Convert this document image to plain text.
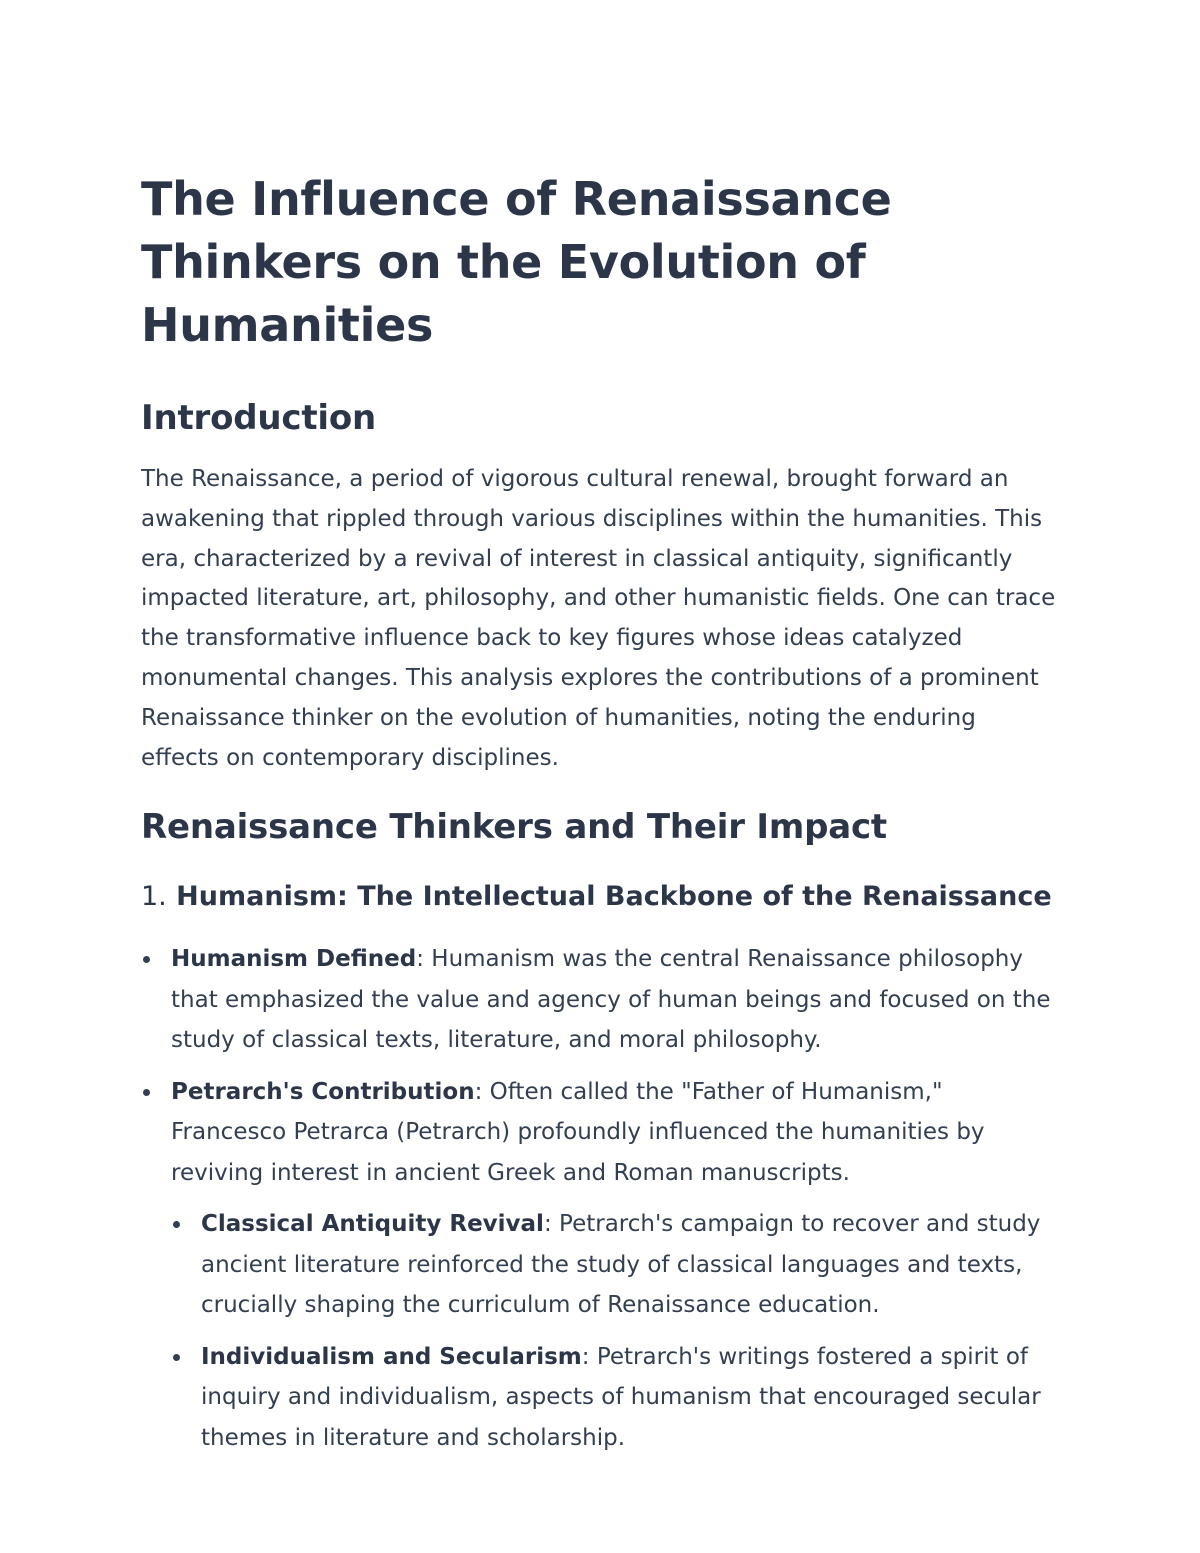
The Influence of Renaissance Thinkers on the Evolution of Humanities
Introduction

The Renaissance, a period of vigorous cultural renewal, brought forward an awakening that rippled through various disciplines within the humanities. This era, characterized by a revival of interest in classical antiquity, significantly impacted literature, art, philosophy, and other humanistic fields. One can trace the transformative influence back to key figures whose ideas catalyzed monumental changes. This analysis explores the contributions of a prominent Renaissance thinker on the evolution of humanities, noting the enduring effects on contemporary disciplines.

Renaissance Thinkers and Their Impact
1. Humanism: The Intellectual Backbone of the Renaissance
Humanism Defined: Humanism was the central Renaissance philosophy that emphasized the value and agency of human beings and focused on the study of classical texts, literature, and moral philosophy.
Petrarch's Contribution: Often called the "Father of Humanism," Francesco Petrarca (Petrarch) profoundly influenced the humanities by reviving interest in ancient Greek and Roman manuscripts.
Classical Antiquity Revival: Petrarch's campaign to recover and study ancient literature reinforced the study of classical languages and texts, crucially shaping the curriculum of Renaissance education.
Individualism and Secularism: Petrarch's writings fostered a spirit of inquiry and individualism, aspects of humanism that encouraged secular themes in literature and scholarship.
